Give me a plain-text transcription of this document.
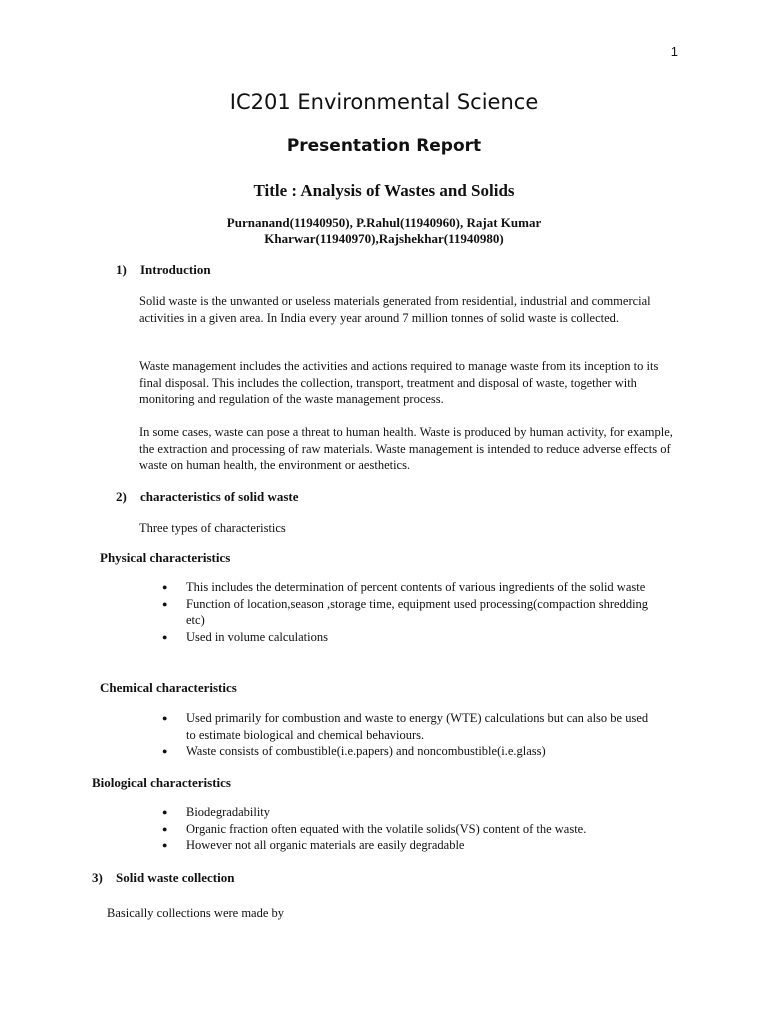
1
IC201 Environmental Science
Presentation Report
Title : Analysis of Wastes and Solids
Purnanand(11940950), P.Rahul(11940960), Rajat Kumar
Kharwar(11940970),Rajshekhar(11940980)
1) Introduction

Solid waste is the unwanted or useless materials generated from residential, industrial and commercial activities in a given area. In India every year around 7 million tonnes of solid waste is collected.

Waste management includes the activities and actions required to manage waste from its inception to its final disposal. This includes the collection, transport, treatment and disposal of waste, together with monitoring and regulation of the waste management process.

In some cases, waste can pose a threat to human health. Waste is produced by human activity, for example, the extraction and processing of raw materials. Waste management is intended to reduce adverse effects of waste on human health, the environment or aesthetics.

2) characteristics of solid waste

Three types of characteristics

Physical characteristics
● This includes the determination of percent contents of various ingredients of the solid waste
● Function of location,season ,storage time, equipment used processing(compaction shredding etc)
● Used in volume calculations
Chemical characteristics
● Used primarily for combustion and waste to energy (WTE) calculations but can also be used to estimate biological and chemical behaviours.
● Waste consists of combustible(i.e.papers) and noncombustible(i.e.glass)
Biological characteristics
● Biodegradability
● Organic fraction often equated with the volatile solids(VS) content of the waste.
● However not all organic materials are easily degradable
3) Solid waste collection

Basically collections were made by
